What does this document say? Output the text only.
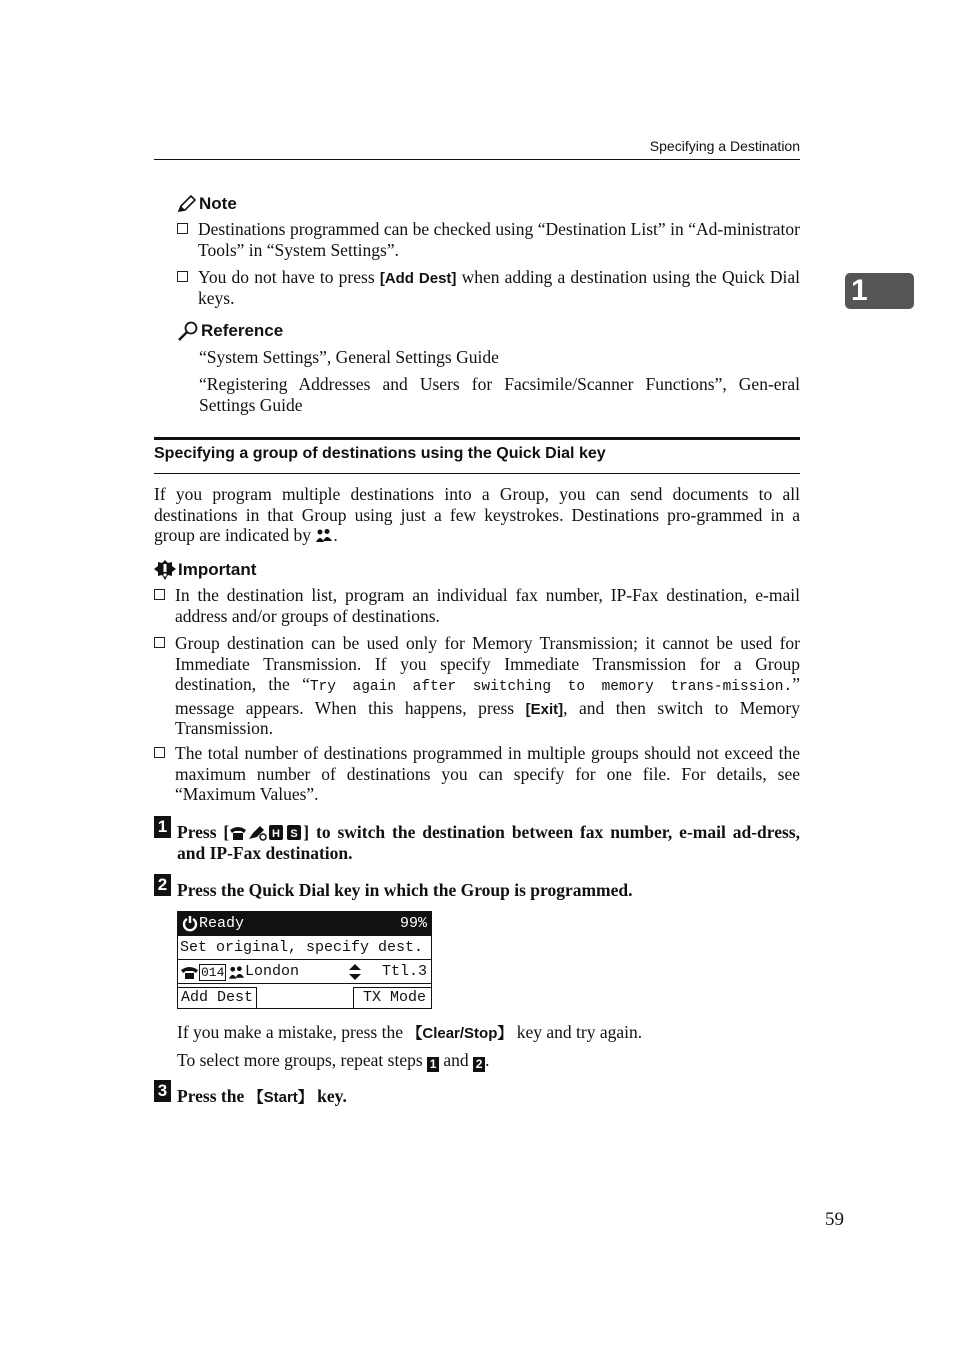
Specifying a Destination
1
Note
Destinations programmed can be checked using “Destination List” in “Ad-ministrator Tools” in “System Settings”.
You do not have to press [Add Dest] when adding a destination using the Quick Dial keys.
Reference
“System Settings”, General Settings Guide
“Registering Addresses and Users for Facsimile/Scanner Functions”, Gen-eral Settings Guide
Specifying a group of destinations using the Quick Dial key
If you program multiple destinations into a Group, you can send documents to all destinations in that Group using just a few keystrokes. Destinations pro-grammed in a group are indicated by .
Important
In the destination list, program an individual fax number, IP-Fax destination, e-mail address and/or groups of destinations.
Group destination can be used only for Memory Transmission; it cannot be used for Immediate Transmission. If you specify Immediate Transmission for a Group destination, the “Try again after switching to memory trans-mission.” message appears. When this happens, press [Exit], and then switch to Memory Transmission.
The total number of destinations programmed in multiple groups should not exceed the maximum number of destinations you can specify for one file. For details, see “Maximum Values”.
1 Press [	H S ] to switch the destination between fax number, e-mail ad-dress, and IP-Fax destination.
2 Press the Quick Dial key in which the Group is programmed.
Ready	99%
Set original, specify dest.
014 London	Ttl.3
Add Dest	TX Mode
If you make a mistake, press the 【Clear/Stop】 key and try again.
To select more groups, repeat steps 1 and 2 .
3 Press the 【Start】 key.
59
